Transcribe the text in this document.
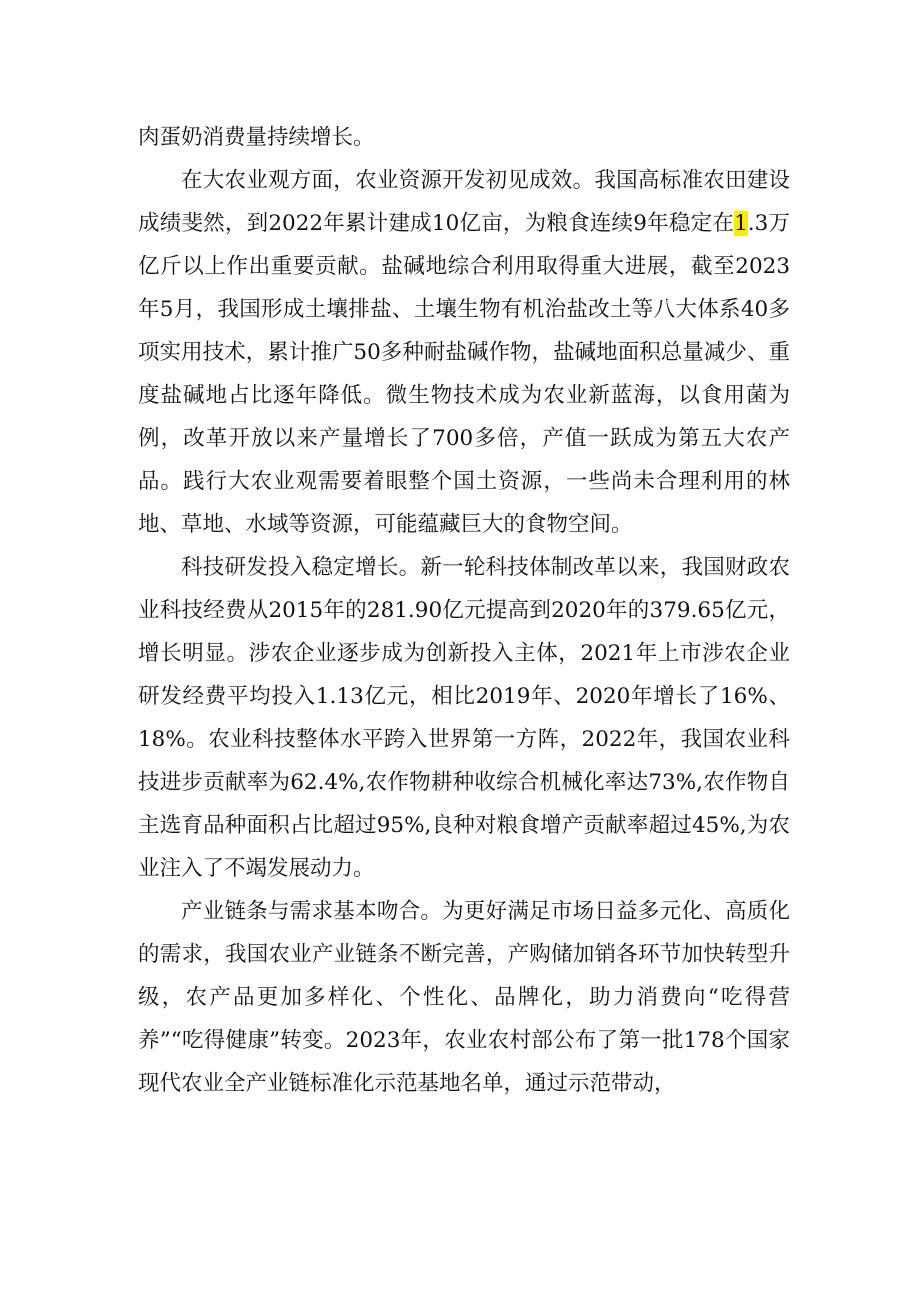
肉蛋奶消费量持续增长。

在大农业观方面，农业资源开发初见成效。我国高标准农田建设成绩斐然，到2022年累计建成10亿亩，为粮食连续9年稳定在1.3万亿斤以上作出重要贡献。盐碱地综合利用取得重大进展，截至2023年5月，我国形成土壤排盐、土壤生物有机治盐改土等八大体系40多项实用技术，累计推广50多种耐盐碱作物，盐碱地面积总量减少、重度盐碱地占比逐年降低。微生物技术成为农业新蓝海，以食用菌为例，改革开放以来产量增长了700多倍，产值一跃成为第五大农产品。践行大农业观需要着眼整个国土资源，一些尚未合理利用的林地、草地、水域等资源，可能蕴藏巨大的食物空间。

科技研发投入稳定增长。新一轮科技体制改革以来，我国财政农业科技经费从2015年的281.90亿元提高到2020年的379.65亿元，增长明显。涉农企业逐步成为创新投入主体，2021年上市涉农企业研发经费平均投入1.13亿元，相比2019年、2020年增长了16%、18%。农业科技整体水平跨入世界第一方阵，2022年，我国农业科技进步贡献率为62.4%,农作物耕种收综合机械化率达73%,农作物自主选育品种面积占比超过95%,良种对粮食增产贡献率超过45%,为农业注入了不竭发展动力。

产业链条与需求基本吻合。为更好满足市场日益多元化、高质化的需求，我国农业产业链条不断完善，产购储加销各环节加快转型升级，农产品更加多样化、个性化、品牌化，助力消费向“吃得营养”“吃得健康”转变。2023年，农业农村部公布了第一批178个国家现代农业全产业链标准化示范基地名单，通过示范带动，
